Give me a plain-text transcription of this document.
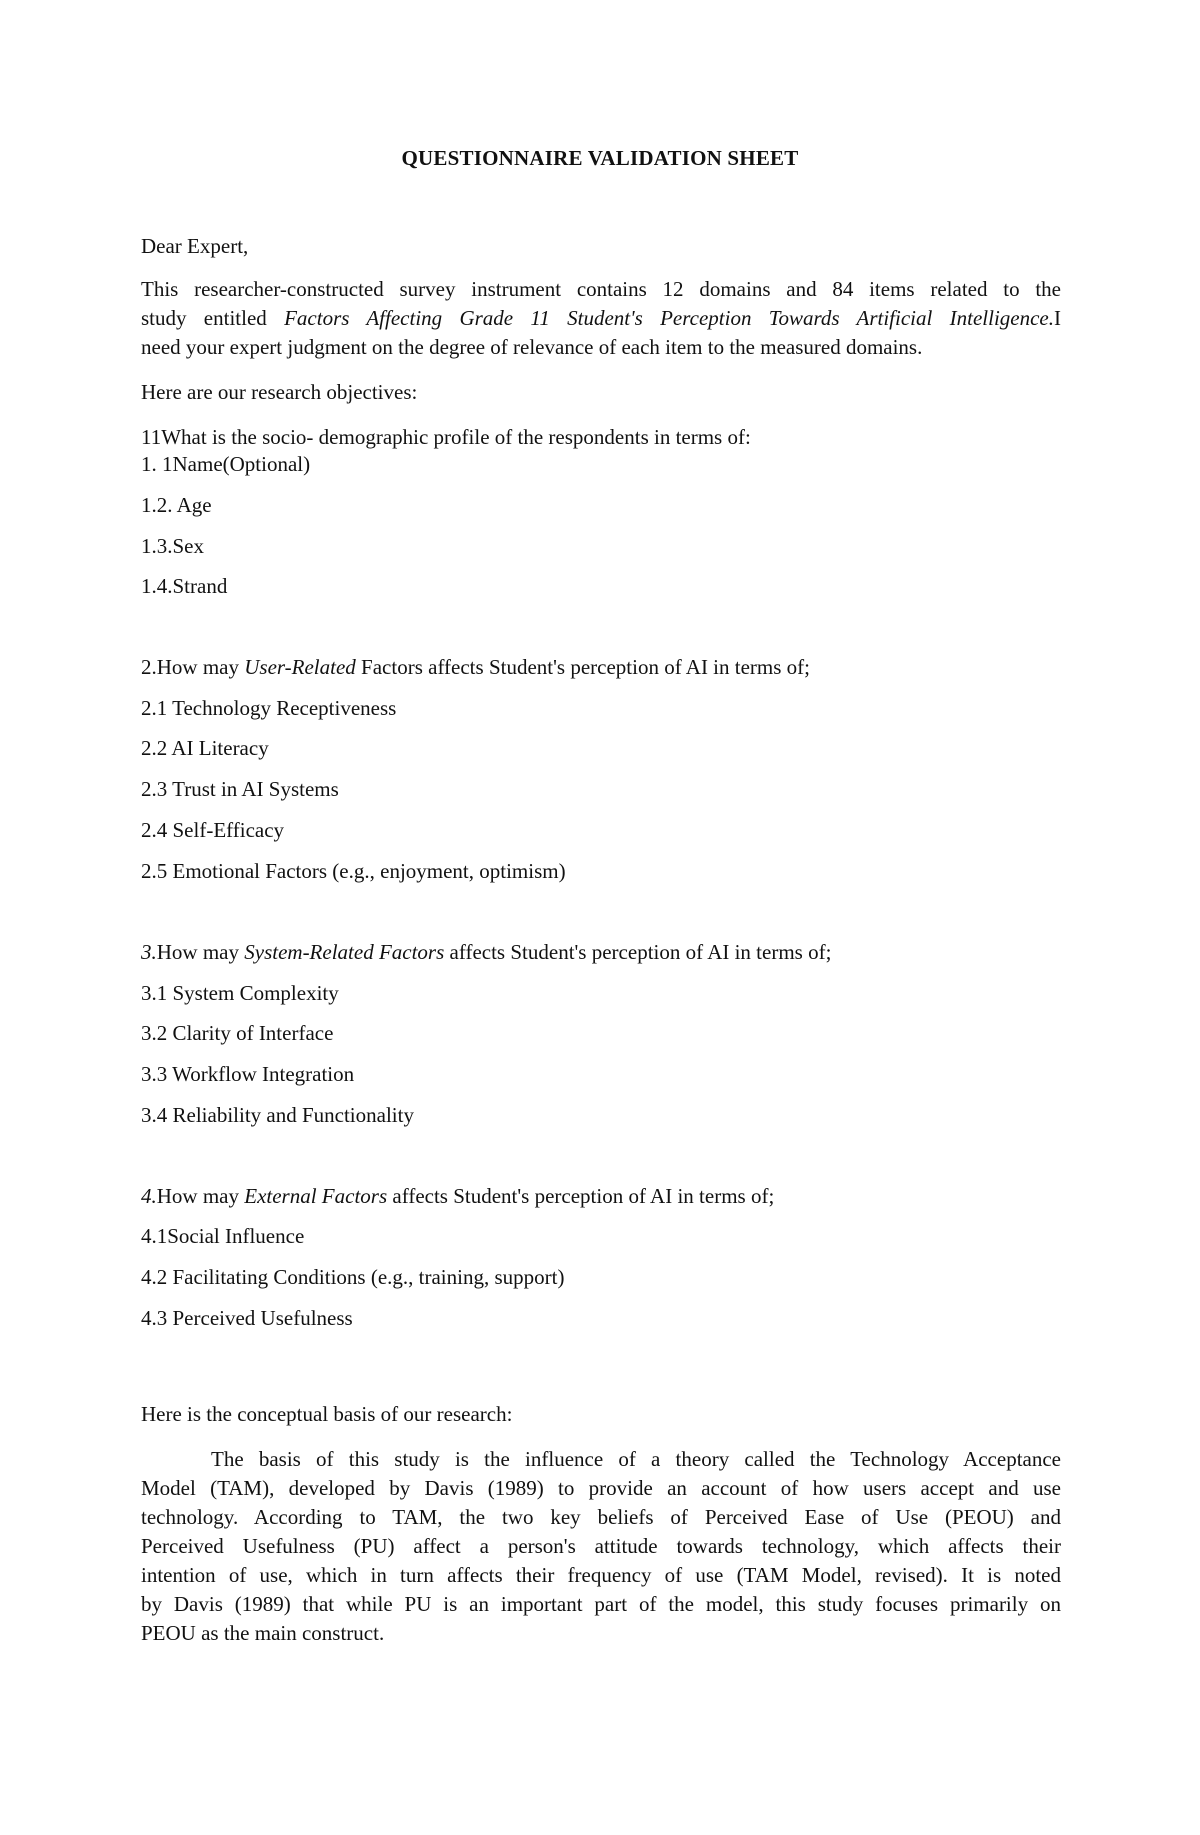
QUESTIONNAIRE VALIDATION SHEET
Dear Expert,
This researcher-constructed survey instrument contains 12 domains and 84 items related to the
study entitled Factors Affecting Grade 11 Student's Perception Towards Artificial Intelligence.I
need your expert judgment on the degree of relevance of each item to the measured domains.
Here are our research objectives:
11What is the socio- demographic profile of the respondents in terms of:
1. 1Name(Optional)
1.2. Age
1.3.Sex
1.4.Strand
2.How may User-Related Factors affects Student's perception of AI in terms of;
2.1 Technology Receptiveness
2.2 AI Literacy
2.3 Trust in AI Systems
2.4 Self-Efficacy
2.5 Emotional Factors (e.g., enjoyment, optimism)
3.How may System-Related Factors affects Student's perception of AI in terms of;
3.1 System Complexity
3.2 Clarity of Interface
3.3 Workflow Integration
3.4 Reliability and Functionality
4.How may External Factors affects Student's perception of AI in terms of;
4.1Social Influence
4.2 Facilitating Conditions (e.g., training, support)
4.3 Perceived Usefulness
Here is the conceptual basis of our research:
The basis of this study is the influence of a theory called the Technology Acceptance
Model (TAM), developed by Davis (1989) to provide an account of how users accept and use
technology. According to TAM, the two key beliefs of Perceived Ease of Use (PEOU) and
Perceived Usefulness (PU) affect a person's attitude towards technology, which affects their
intention of use, which in turn affects their frequency of use (TAM Model, revised). It is noted
by Davis (1989) that while PU is an important part of the model, this study focuses primarily on
PEOU as the main construct.
